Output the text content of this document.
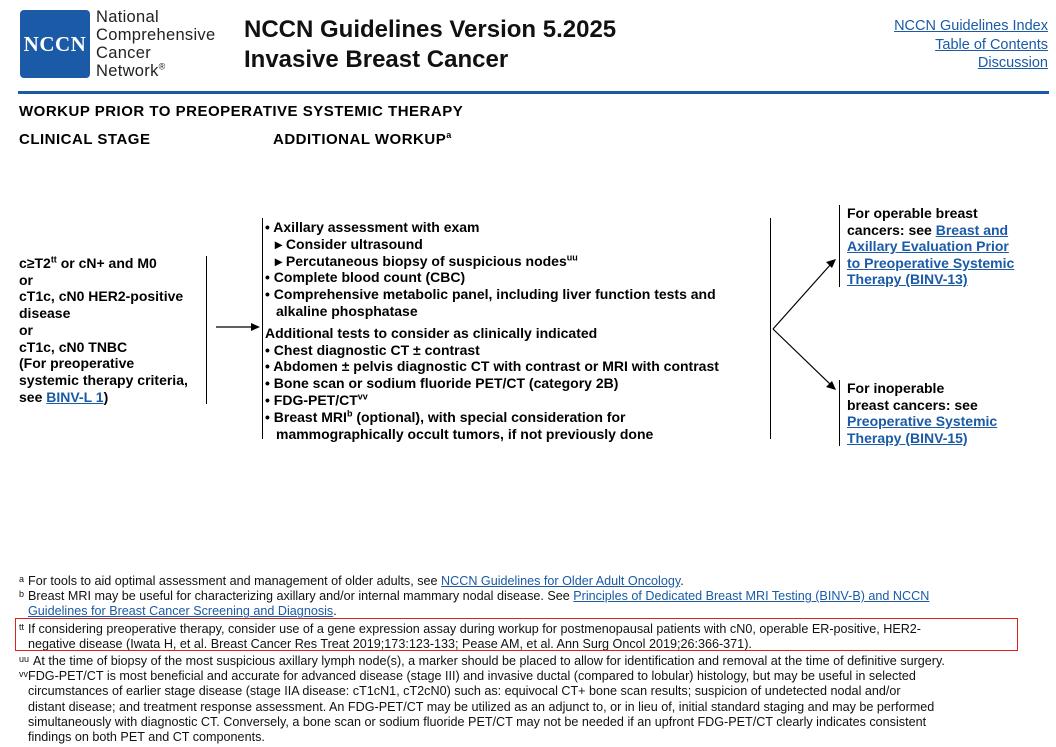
NCCN
National
Comprehensive
Cancer
Network®
NCCN Guidelines Version 5.2025
Invasive Breast Cancer
NCCN Guidelines Index
Table of Contents
Discussion
WORKUP PRIOR TO PREOPERATIVE SYSTEMIC THERAPY
CLINICAL STAGE	ADDITIONAL WORKUP$^a$
$c\ge T2^{tt}$ or cN+ and M0
or
cT1c, cN0 HER2-positive
disease
or
cT1c, cN0 TNBC
(For preoperative
systemic therapy criteria,
see BINV-L 1)
• Axillary assessment with exam
▸ Consider ultrasound
▸ Percutaneous biopsy of suspicious nodes$^{uu}$
• Complete blood count (CBC)
• Comprehensive metabolic panel, including liver function tests and
alkaline phosphatase
Additional tests to consider as clinically indicated
• Chest diagnostic CT ± contrast
• Abdomen ± pelvis diagnostic CT with contrast or MRI with contrast
• Bone scan or sodium fluoride PET/CT (category 2B)
• FDG-PET/CT$^{vv}$
• Breast MRI$^b$ (optional), with special consideration for
mammographically occult tumors, if not previously done
For operable breast
cancers: see Breast and
Axillary Evaluation Prior
to Preoperative Systemic
Therapy (BINV-13)
For inoperable
breast cancers: see
Preoperative Systemic
Therapy (BINV-15)
a For tools to aid optimal assessment and management of older adults, see NCCN Guidelines for Older Adult Oncology.
b Breast MRI may be useful for characterizing axillary and/or internal mammary nodal disease. See Principles of Dedicated Breast MRI Testing (BINV-B) and NCCN
Guidelines for Breast Cancer Screening and Diagnosis.
tt If considering preoperative therapy, consider use of a gene expression assay during workup for postmenopausal patients with cN0, operable ER-positive, HER2-
negative disease (Iwata H, et al. Breast Cancer Res Treat 2019;173:123-133; Pease AM, et al. Ann Surg Oncol 2019;26:366-371).
uu At the time of biopsy of the most suspicious axillary lymph node(s), a marker should be placed to allow for identification and removal at the time of definitive surgery.
vv FDG-PET/CT is most beneficial and accurate for advanced disease (stage III) and invasive ductal (compared to lobular) histology, but may be useful in selected
circumstances of earlier stage disease (stage IIA disease: cT1cN1, cT2cN0) such as: equivocal CT+ bone scan results; suspicion of undetected nodal and/or
distant disease; and treatment response assessment. An FDG-PET/CT may be utilized as an adjunct to, or in lieu of, initial standard staging and may be performed
simultaneously with diagnostic CT. Conversely, a bone scan or sodium fluoride PET/CT may not be needed if an upfront FDG-PET/CT clearly indicates consistent
findings on both PET and CT components.
